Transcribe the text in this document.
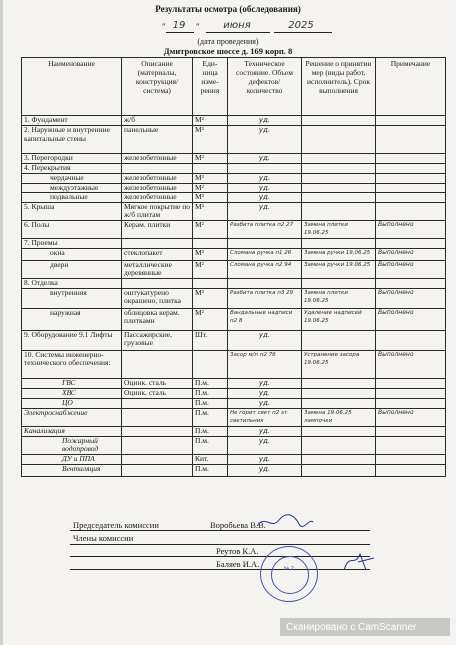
Результаты осмотра (обследования)
" 19	"	июня	2025
(дата проведения)
Дмитровское шоссе д. 169 корп. 8
Наименование	Описание (материалы, конструкция/ система)	Еди-ница изме-рения	Техническое состояние. Объем дефектов/ количество	Решение о принятии мер (виды работ, исполнитель). Срок выполнения	Примечание
1. Фундамент	ж/б	М²	уд.		
2. Наружные и внутренние капитальные стены	панельные	М²	уд.		
3. Перегородки	железобетонные	М²	уд.		
4. Перекрытия					
чердачные	железобетонные	М²	уд.		
междуэтажные	железобетонные	М²	уд.		
подвальные	железобетонные	М²	уд.		
5. Крыша	Мягкое покрытие по ж/б плитам	М²	уд.		
6. Полы	Керам. плитки	М²	Разбита плитка п2 27	Замена плитки 19.06.25	Выполнено
7. Проемы					
окна	стеклопакет	М²	Сломана ручка п1 26	Замена ручки 19.06.25	Выполнено
двери	металлические деревянные	М²	Сломана ручка п2 94	Замена ручки 19.06.25	Выполнено
8. Отделка					
внутренняя	оштукатурено окрашено, плитка	М²	Разбита плитка п3 29	Замена плитки 19.06.25	Выполнено
наружная	облицовка керам. плитками	М²	Вандальные надписи п2 8	Удаление надписей 19.06.25	Выполнено
9. Оборудование 9.1 Лифты	Пассажирские, грузовые	Шт.	уд.		
10. Системы инженерно-технического обеспечения:			Засор м/п п2 7б	Устранение засора 19.06.25	Выполнено
ГВС	Оцинк. сталь	П.м.	уд.		
ХВС	Оцинк. сталь	П.м.	уд.		
ЦО		П.м.	уд.		
Электроснабжение		П.м.	Не горит свет п2 эт. светильник	Замена 19.06.25 лампочки	Выполнено
Канализация		П.м.	уд.		
Пожарный водопровод		П.м.	уд.		
ДУ и ППА		Кит.	уд.		
Вентиляция		П.м.	уд.		
Председатель комиссии	Воробьева В.В.
Члены комиссии
Реутов К.А.
Баляев И.А.	№ 2
Сканировано с CamScanner
